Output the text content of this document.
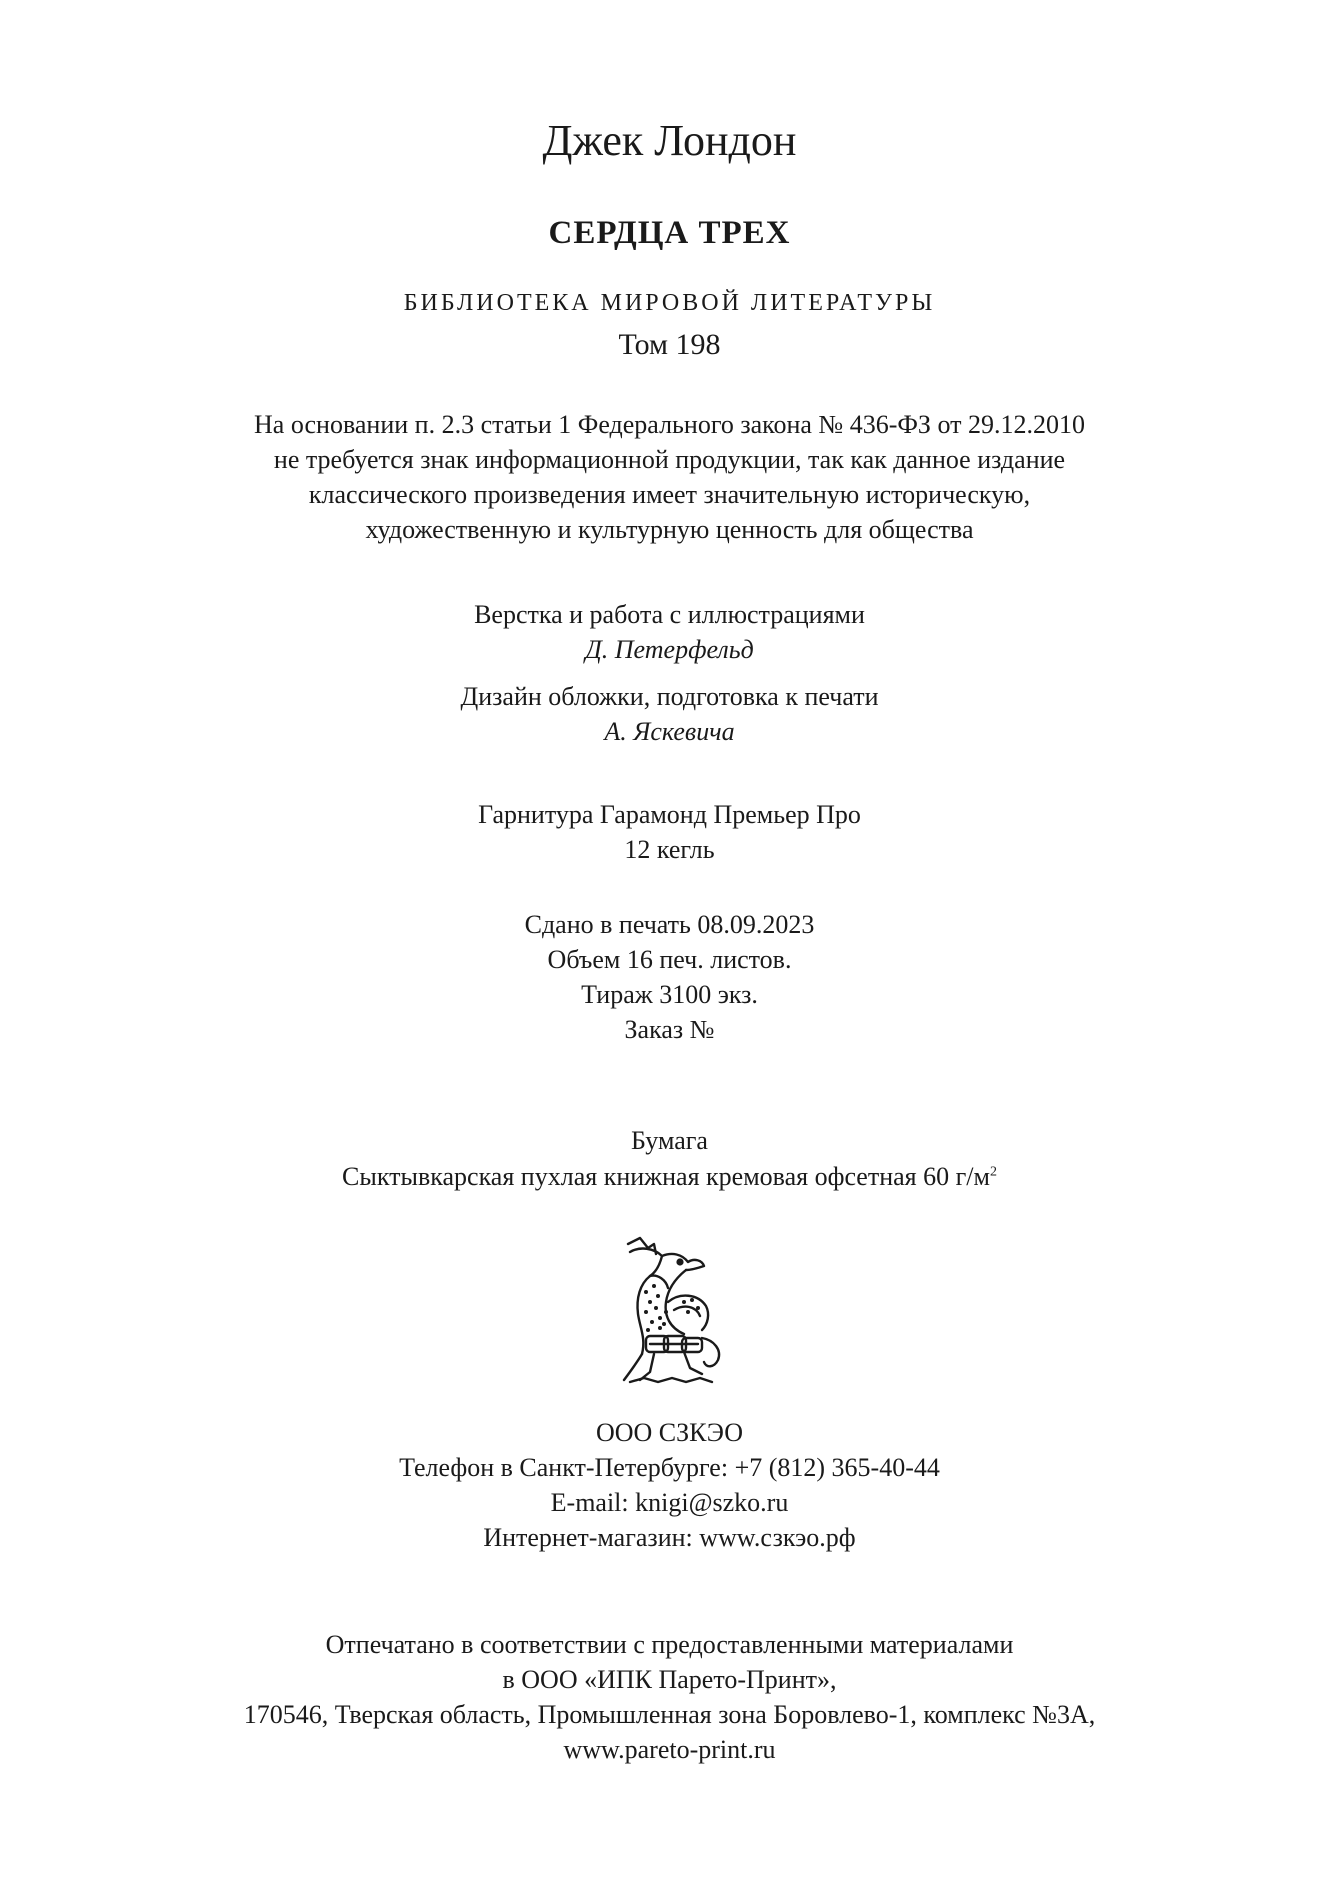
Джек Лондон
СЕРДЦА ТРЕХ
БИБЛИОТЕКА МИРОВОЙ ЛИТЕРАТУРЫ
Том 198
На основании п. 2.3 статьи 1 Федерального закона № 436-ФЗ от 29.12.2010
не требуется знак информационной продукции, так как данное издание
классического произведения имеет значительную историческую,
художественную и культурную ценность для общества
Верстка и работа с иллюстрациями
Д. Петерфельд
Дизайн обложки, подготовка к печати
А. Яскевича
Гарнитура Гарамонд Премьер Про
12 кегль
Сдано в печать 08.09.2023
Объем 16 печ. листов.
Тираж 3100 экз.
Заказ №
Бумага
Сыктывкарская пухлая книжная кремовая офсетная 60 $г/м^2$
ООО СЗКЭО
Телефон в Санкт-Петербурге: +7 (812) 365-40-44
E-mail: knigi@szko.ru
Интернет-магазин: www.сзкэо.рф
Отпечатано в соответствии с предоставленными материалами
в ООО «ИПК Парето-Принт»,
170546, Тверская область, Промышленная зона Боровлево-1, комплекс №3А,
www.pareto-print.ru
